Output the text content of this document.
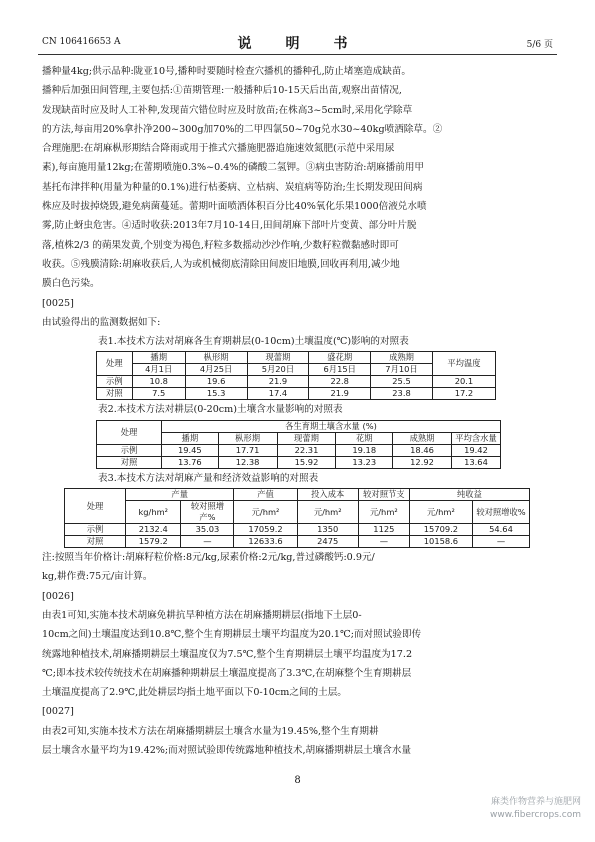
CN 106416653 A	说　明　书	5/6 页
播种量4kg;供示品种:陇亚10号,播种时要随时检查穴播机的播种孔,防止堵塞造成缺苗。
播种后加强田间管理,主要包括:①苗期管理:一般播种后10-15天后出苗,观察出苗情况,
发现缺苗时应及时人工补种,发现苗穴错位时应及时放苗;在株高3~5cm时,采用化学除草
的方法,每亩用20%拿扑净200~300g加70%的二甲四氯50~70g兑水30~40kg喷洒除草。②
合理施肥:在胡麻枞形期结合降雨或用于推式穴播施肥器追施速效氮肥(示范中采用尿
素),每亩施用量12kg;在蕾期喷施0.3%~0.4%的磷酸二氢钾。③病虫害防治:胡麻播前用甲
基托布津拌种(用量为种量的0.1%)进行枯萎病、立枯病、炭疽病等防治;生长期发现田间病
株应及时拔掉烧毁,避免病菌蔓延。蕾期叶面喷洒体积百分比40%氧化乐果1000倍液兑水喷
雾,防止蚜虫危害。④适时收获:2013年7月10-14日,田间胡麻下部叶片变黄、部分叶片脱
落,植株2/3 的蒴果发黄,个别变为褐色,籽粒多数摇动沙沙作响,少数籽粒微黏感时即可
收获。⑤残膜清除:胡麻收获后,人为或机械彻底清除田间废旧地膜,回收再利用,减少地
膜白色污染。
[0025]
由试验得出的监测数据如下:
表1.本技术方法对胡麻各生育期耕层(0-10cm)土壤温度(℃)影响的对照表
处理	播期	枞形期	现蕾期	盛花期	成熟期	平均温度
	4月1日	4月25日	5月20日	6月15日	7月10日	
示例	10.8	19.6	21.9	22.8	25.5	20.1
对照	7.5	15.3	17.4	21.9	23.8	17.2
表2.本技术方法对耕层(0-20cm)土壤含水量影响的对照表
处理	各生育期土壤含水量 (%)					
	播期	枞形期	现蕾期	花期	成熟期	平均含水量
示例	19.45	17.71	22.31	19.18	18.46	19.42
对照	13.76	12.38	15.92	13.23	12.92	13.64
表3.本技术方法对胡麻产量和经济效益影响的对照表
处理	产量		产值	投入成本	较对照节支	纯收益	
	kg/hm²	较对照增产%	元/hm²	元/hm²	元/hm²	元/hm²	较对照增收%
示例	2132.4	35.03	17059.2	1350	1125	15709.2	54.64
对照	1579.2	—	12633.6	2475	—	10158.6	—
注:按照当年价格计:胡麻籽粒价格:8元/kg,尿素价格:2元/kg,普过磷酸钙:0.9元/
kg,耕作费:75元/亩计算。
[0026]
由表1可知,实施本技术胡麻免耕抗旱种植方法在胡麻播期耕层(指地下土层0-
10cm之间)土壤温度达到10.8℃,整个生育期耕层土壤平均温度为20.1℃;而对照试验即传
统露地种植技术,胡麻播期耕层土壤温度仅为7.5℃,整个生育期耕层土壤平均温度为17.2
℃;即本技术较传统技术在胡麻播种期耕层土壤温度提高了3.3℃,在胡麻整个生育期耕层
土壤温度提高了2.9℃,此处耕层均指土地平面以下0-10cm之间的土层。
[0027]
由表2可知,实施本技术方法在胡麻播期耕层土壤含水量为19.45%,整个生育期耕
层土壤含水量平均为19.42%;而对照试验即传统露地种植技术,胡麻播期耕层土壤含水量
8
麻类作物营养与施肥网
www.fibercrops.com
